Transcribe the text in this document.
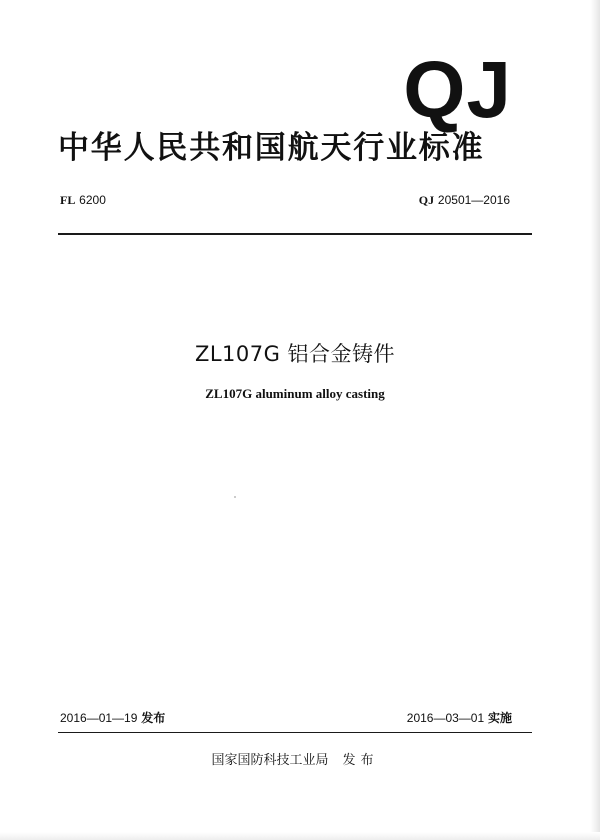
QJ
中华人民共和国航天行业标准
FL 6200	QJ 20501—2016
ZL107G 铝合金铸件
ZL107G aluminum alloy casting
2016—01—19 发布	2016—03—01 实施
国家国防科技工业局 发布
